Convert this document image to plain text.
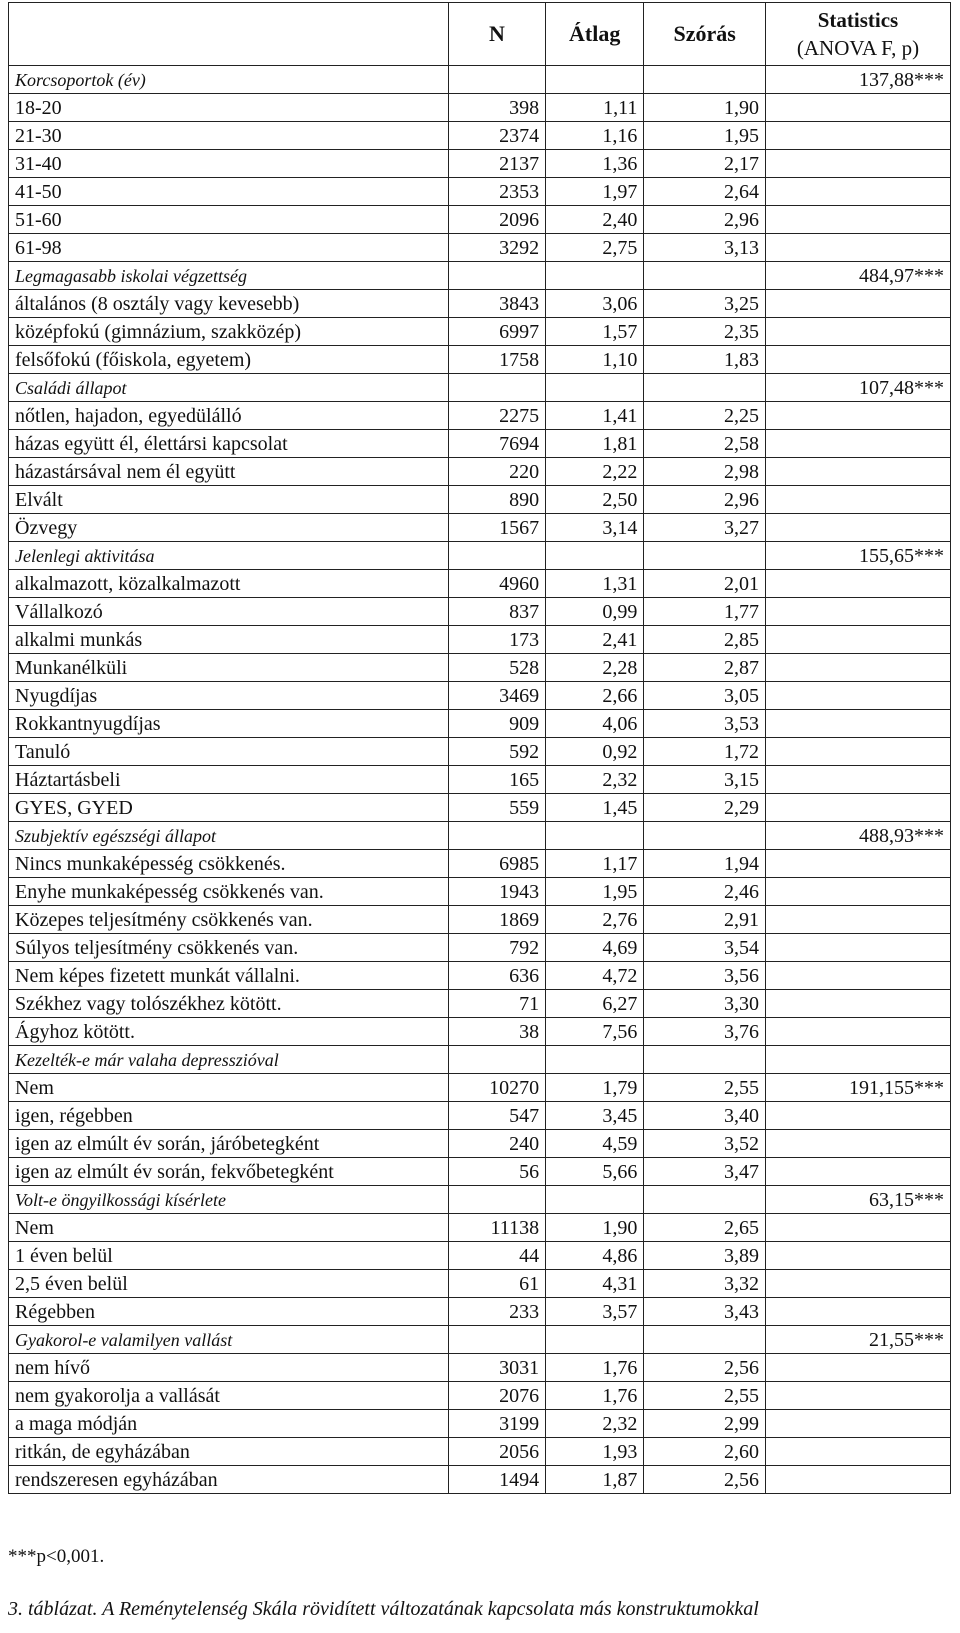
	N	Átlag	Szórás	Statistics
(ANOVA F, p)

Korcsoportok (év)				137,88***
18-20	398	1,11	1,90	
21-30	2374	1,16	1,95	
31-40	2137	1,36	2,17	
41-50	2353	1,97	2,64	
51-60	2096	2,40	2,96	
61-98	3292	2,75	3,13	
Legmagasabb iskolai végzettség				484,97***
általános (8 osztály vagy kevesebb)	3843	3,06	3,25	
középfokú (gimnázium, szakközép)	6997	1,57	2,35	
felsőfokú (főiskola, egyetem)	1758	1,10	1,83	
Családi állapot				107,48***
nőtlen, hajadon, egyedülálló	2275	1,41	2,25	
házas együtt él, élettársi kapcsolat	7694	1,81	2,58	
házastársával nem él együtt	220	2,22	2,98	
Elvált	890	2,50	2,96	
Özvegy	1567	3,14	3,27	
Jelenlegi aktivitása				155,65***
alkalmazott, közalkalmazott	4960	1,31	2,01	
Vállalkozó	837	0,99	1,77	
alkalmi munkás	173	2,41	2,85	
Munkanélküli	528	2,28	2,87	
Nyugdíjas	3469	2,66	3,05	
Rokkantnyugdíjas	909	4,06	3,53	
Tanuló	592	0,92	1,72	
Háztartásbeli	165	2,32	3,15	
GYES, GYED	559	1,45	2,29	
Szubjektív egészségi állapot				488,93***
Nincs munkaképesség csökkenés.	6985	1,17	1,94	
Enyhe munkaképesség csökkenés van.	1943	1,95	2,46	
Közepes teljesítmény csökkenés van.	1869	2,76	2,91	
Súlyos teljesítmény csökkenés van.	792	4,69	3,54	
Nem képes fizetett munkát vállalni.	636	4,72	3,56	
Székhez vagy tolószékhez kötött.	71	6,27	3,30	
Ágyhoz kötött.	38	7,56	3,76	
Kezelték-e már valaha depresszióval				
Nem	10270	1,79	2,55	191,155***
igen, régebben	547	3,45	3,40	
igen az elmúlt év során, járóbetegként	240	4,59	3,52	
igen az elmúlt év során, fekvőbetegként	56	5,66	3,47	
Volt-e öngyilkossági kísérlete				63,15***
Nem	11138	1,90	2,65	
1 éven belül	44	4,86	3,89	
2,5 éven belül	61	4,31	3,32	
Régebben	233	3,57	3,43	
Gyakorol-e valamilyen vallást				21,55***
nem hívő	3031	1,76	2,56	
nem gyakorolja a vallását	2076	1,76	2,55	
a maga módján	3199	2,32	2,99	
ritkán, de egyházában	2056	1,93	2,60	
rendszeresen egyházában	1494	1,87	2,56	
***p<0,001.
3. táblázat. A Reménytelenség Skála rövidített változatának kapcsolata más konstruktumokkal
